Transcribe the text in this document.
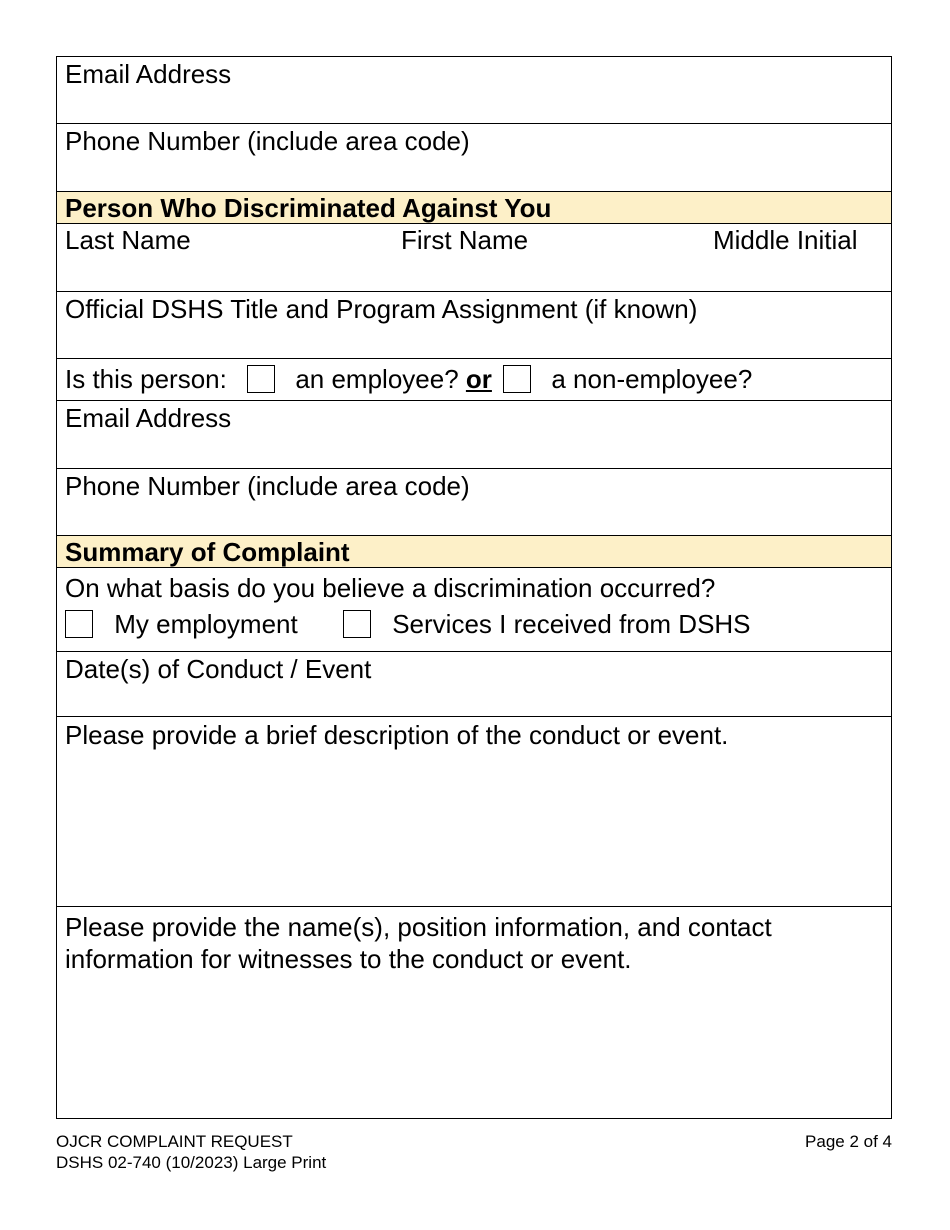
Email Address
Phone Number (include area code)
Person Who Discriminated Against You
Last Name	First Name	Middle Initial
Official DSHS Title and Program Assignment (if known)
Is this person:	an employee? or a non-employee?
Email Address
Phone Number (include area code)
Summary of Complaint
On what basis do you believe a discrimination occurred?
My employment	Services I received from DSHS
Date(s) of Conduct / Event
Please provide a brief description of the conduct or event.
Please provide the name(s), position information, and contact information for witnesses to the conduct or event.
OJCR COMPLAINT REQUEST
DSHS 02-740 (10/2023) Large Print
Page 2 of 4
